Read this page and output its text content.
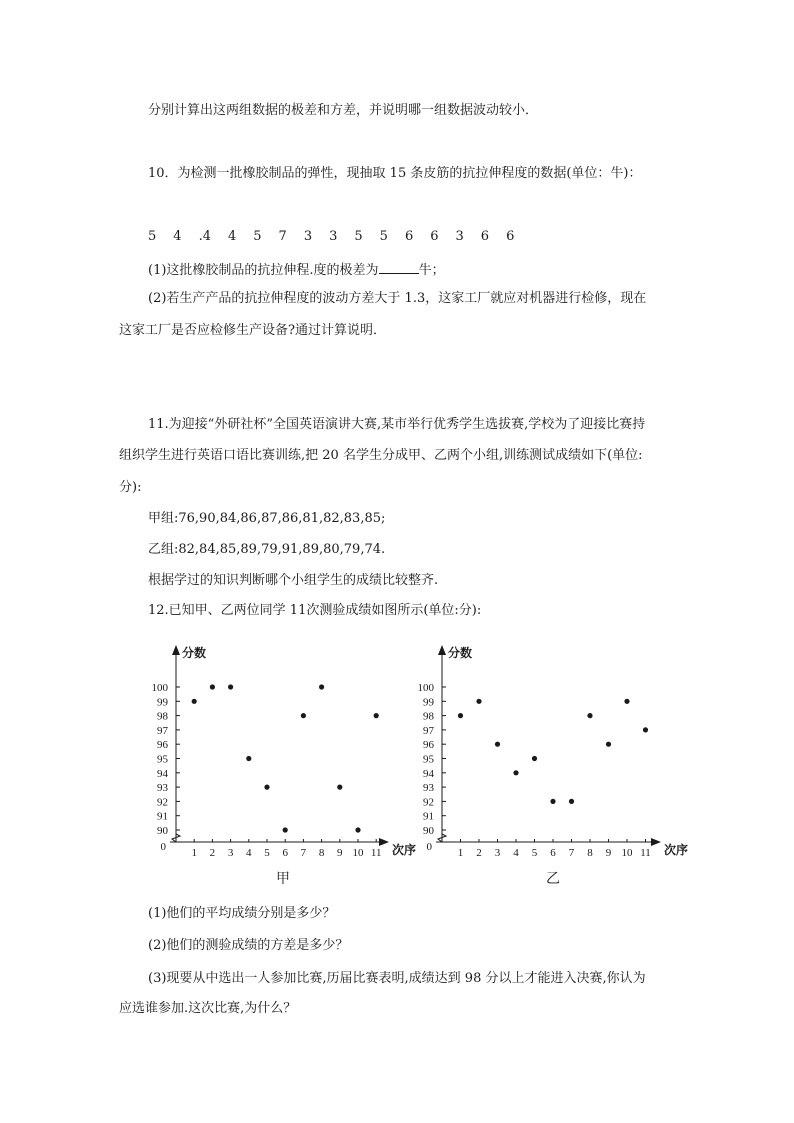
分别计算出这两组数据的极差和方差，并说明哪一组数据波动较小．
10．为检测一批橡胶制品的弹性，现抽取 15 条皮筋的抗拉伸程度的数据(单位：牛)：
5 4 .4 4 5 7 3 3 5 5 6 6 3 6 6
(1)这批橡胶制品的抗拉伸程.度的极差为	牛；
(2)若生产产品的抗拉伸程度的波动方差大于 1.3，这家工厂就应对机器进行检修，现在
这家工厂是否应检修生产设备?通过计算说明．
11.为迎接“外研社杯”全国英语演讲大赛,某市举行优秀学生选拔赛,学校为了迎接比赛持
组织学生进行英语口语比赛训练,把 20 名学生分成甲、乙两个小组,训练测试成绩如下(单位:
分):
甲组:76,90,84,86,87,86,81,82,83,85;
乙组:82,84,85,89,79,91,89,80,79,74.
根据学过的知识判断哪个小组学生的成绩比较整齐.
12.已知甲、乙两位同学 11次测验成绩如图所示(单位:分):
90
91
92
93
94
95
96
97
98
99
100
1 2 3 4 5 6 7 8 9 10 11
0
分数
次序
甲
90
91
92
93
94
95
96
97
98
99
100
1 2 3 4 5 6 7 8 9 10 11
0
分数
次序
乙
(1)他们的平均成绩分别是多少？
(2)他们的测验成绩的方差是多少？
(3)现要从中选出一人参加比赛,历届比赛表明,成绩达到 98 分以上才能进入决赛,你认为
应选谁参加.这次比赛,为什么？
